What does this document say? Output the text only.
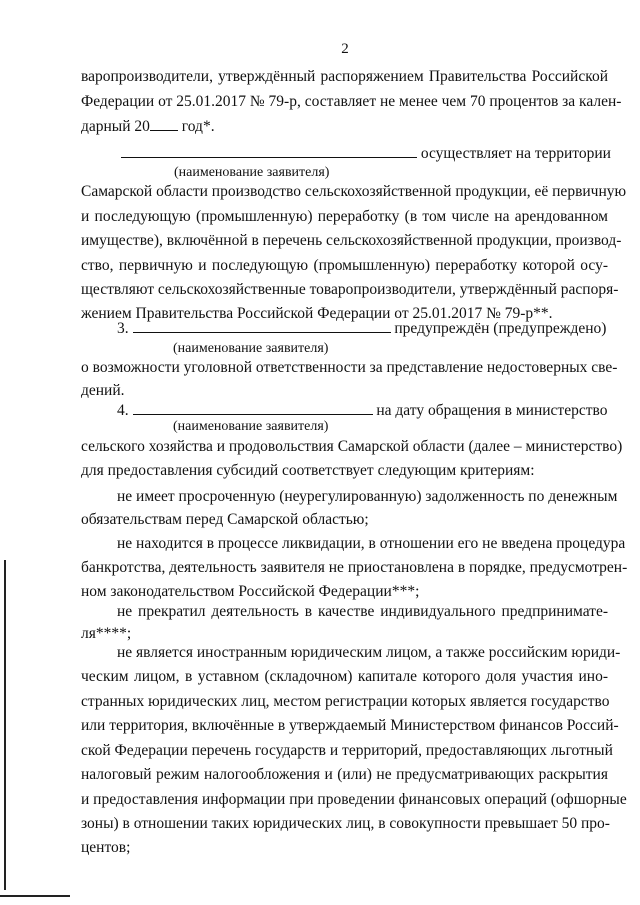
2
варопроизводители, утверждённый распоряжением Правительства Российской
Федерации от 25.01.2017 № 79-р, составляет не менее чем 70 процентов за кален-
дарный 20 год*.
осуществляет на территории
(наименование заявителя)
Самарской области производство сельскохозяйственной продукции, её первичную
и последующую (промышленную) переработку (в том числе на арендованном
имуществе), включённой в перечень сельскохозяйственной продукции, производ-
ство, первичную и последующую (промышленную) переработку которой осу-
ществляют сельскохозяйственные товаропроизводители, утверждённый распоря-
жением Правительства Российской Федерации от 25.01.2017 № 79-р**.
3.	предупреждён (предупреждено)
(наименование заявителя)
о возможности уголовной ответственности за представление недостоверных све-
дений.
4.	на дату обращения в министерство
(наименование заявителя)
сельского хозяйства и продовольствия Самарской области (далее – министерство)
для предоставления субсидий соответствует следующим критериям:
не имеет просроченную (неурегулированную) задолженность по денежным
обязательствам перед Самарской областью;
не находится в процессе ликвидации, в отношении его не введена процедура
банкротства, деятельность заявителя не приостановлена в порядке, предусмотрен-
ном законодательством Российской Федерации***;
не прекратил деятельность в качестве индивидуального предпринимате-
ля****;
не является иностранным юридическим лицом, а также российским юриди-
ческим лицом, в уставном (складочном) капитале которого доля участия ино-
странных юридических лиц, местом регистрации которых является государство
или территория, включённые в утверждаемый Министерством финансов Россий-
ской Федерации перечень государств и территорий, предоставляющих льготный
налоговый режим налогообложения и (или) не предусматривающих раскрытия
и предоставления информации при проведении финансовых операций (офшорные
зоны) в отношении таких юридических лиц, в совокупности превышает 50 про-
центов;
